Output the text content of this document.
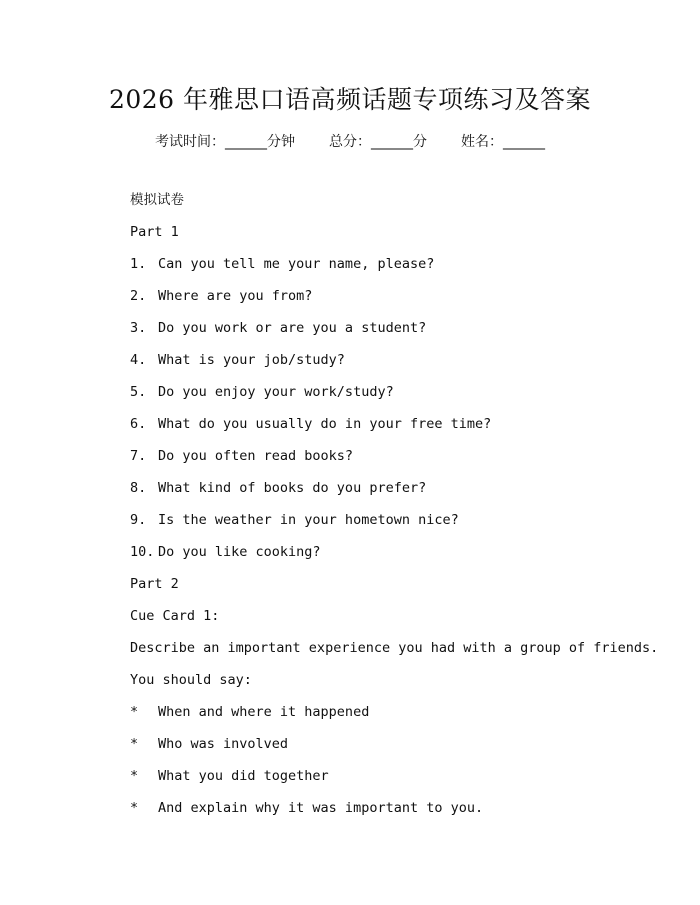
2026 年雅思口语高频话题专项练习及答案
考试时间：______分钟 总分：______分 姓名：______
模拟试卷
Part 1
1. Can you tell me your name, please?
2. Where are you from?
3. Do you work or are you a student?
4. What is your job/study?
5. Do you enjoy your work/study?
6. What do you usually do in your free time?
7. Do you often read books?
8. What kind of books do you prefer?
9. Is the weather in your hometown nice?
10. Do you like cooking?
Part 2
Cue Card 1:
Describe an important experience you had with a group of friends.
You should say:
* When and where it happened
* Who was involved
* What you did together
* And explain why it was important to you.
